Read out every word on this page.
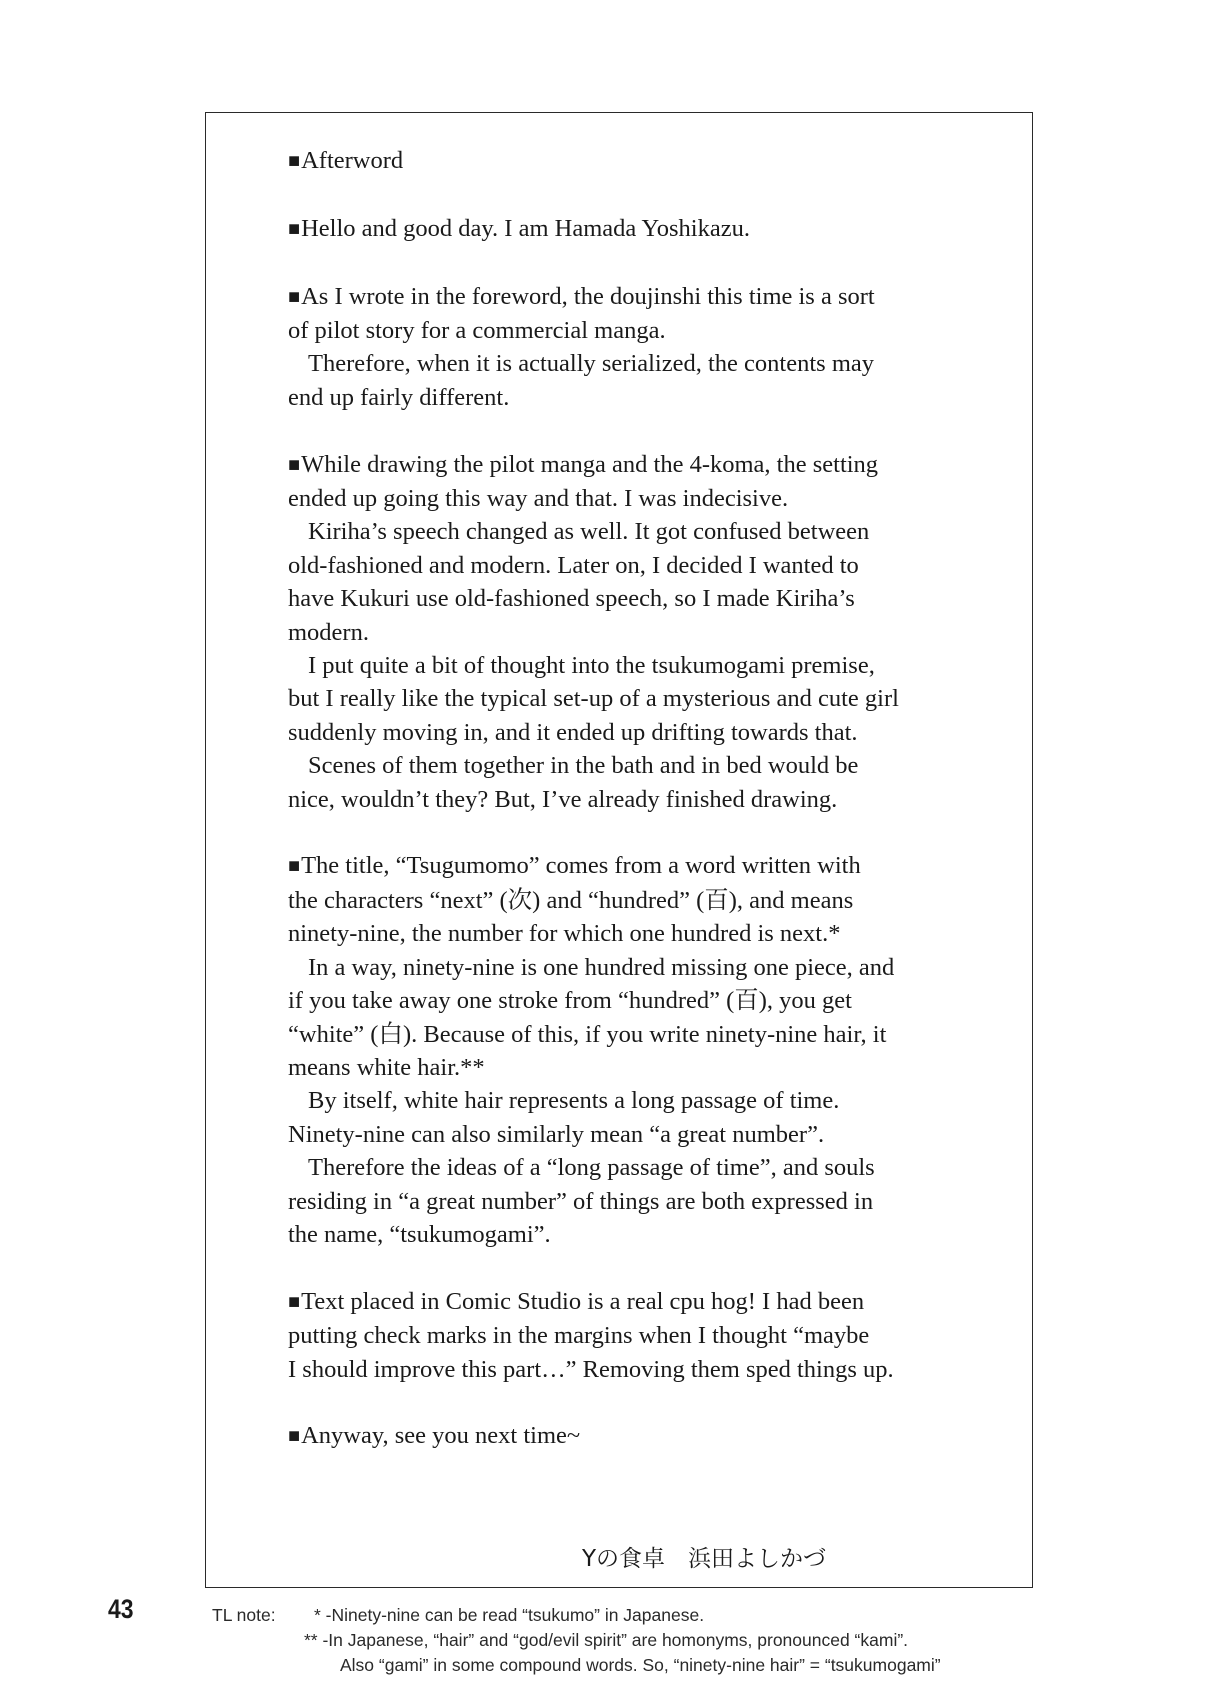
■Afterword
■Hello and good day. I am Hamada Yoshikazu.
■As I wrote in the foreword, the doujinshi this time is a sort
of pilot story for a commercial manga.
Therefore, when it is actually serialized, the contents may
end up fairly different.
■While drawing the pilot manga and the 4-koma, the setting
ended up going this way and that. I was indecisive.
Kiriha’s speech changed as well. It got confused between
old-fashioned and modern. Later on, I decided I wanted to
have Kukuri use old-fashioned speech, so I made Kiriha’s
modern.
I put quite a bit of thought into the tsukumogami premise,
but I really like the typical set-up of a mysterious and cute girl
suddenly moving in, and it ended up drifting towards that.
Scenes of them together in the bath and in bed would be
nice, wouldn’t they? But, I’ve already finished drawing.
■The title, “Tsugumomo” comes from a word written with
the characters “next” (次) and “hundred” (百), and means
ninety-nine, the number for which one hundred is next.*
In a way, ninety-nine is one hundred missing one piece, and
if you take away one stroke from “hundred” (百), you get
“white” (白). Because of this, if you write ninety-nine hair, it
means white hair.**
By itself, white hair represents a long passage of time.
Ninety-nine can also similarly mean “a great number”.
Therefore the ideas of a “long passage of time”, and souls
residing in “a great number” of things are both expressed in
the name, “tsukumogami”.
■Text placed in Comic Studio is a real cpu hog! I had been
putting check marks in the margins when I thought “maybe
I should improve this part…” Removing them sped things up.
■Anyway, see you next time~
Yの食卓　浜田よしかづ
43	TL note:	* -Ninety-nine can be read “tsukumo” in Japanese.
** -In Japanese, “hair” and “god/evil spirit” are homonyms, pronounced “kami”.
Also “gami” in some compound words. So, “ninety-nine hair” = “tsukumogami”
